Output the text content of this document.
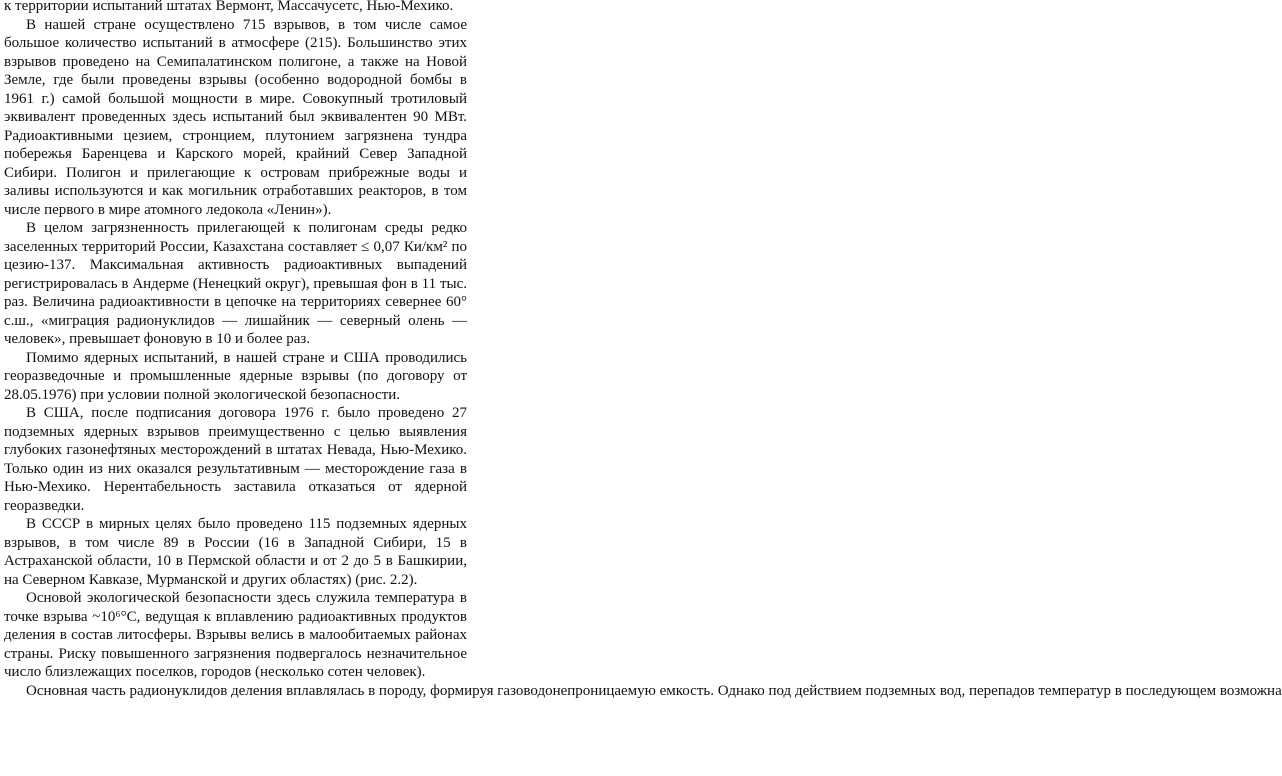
к территории испытаний штатах Вермонт, Массачусетс, Нью-Мехико.

В нашей стране осуществлено 715 взрывов, в том числе самое большое количество испытаний в атмосфере (215). Большинство этих взрывов проведено на Семипалатинском полигоне, а также на Новой Земле, где были проведены взрывы (особенно водородной бомбы в 1961 г.) самой большой мощности в мире. Совокупный тротиловый эквивалент проведенных здесь испытаний был эквивалентен 90 МВт. Радиоактивными цезием, стронцием, плутонием загрязнена тундра побережья Баренцева и Карского морей, крайний Север Западной Сибири. Полигон и прилегающие к островам прибрежные воды и заливы используются и как могильник отработавших реакторов, в том числе первого в мире атомного ледокола «Ленин»).

В целом загрязненность прилегающей к полигонам среды редко заселенных территорий России, Казахстана составляет ≤ 0,07 Ки/км² по цезию-137. Максимальная активность радиоактивных выпадений регистрировалась в Андерме (Ненецкий округ), превышая фон в 11 тыс. раз. Величина радиоактивности в цепочке на территориях севернее 60° с.ш., «миграция радионуклидов — лишайник — северный олень — человек», превышает фоновую в 10 и более раз.

Помимо ядерных испытаний, в нашей стране и США проводились георазведочные и промышленные ядерные взрывы (по договору от 28.05.1976) при условии полной экологической безопасности.

В США, после подписания договора 1976 г. было проведено 27 подземных ядерных взрывов преимущественно с целью выявления глубоких газонефтяных месторождений в штатах Невада, Нью-Мехико. Только один из них оказался результативным — месторождение газа в Нью-Мехико. Нерентабельность заставила отказаться от ядерной георазведки.

В СССР в мирных целях было проведено 115 подземных ядерных взрывов, в том числе 89 в России (16 в Западной Сибири, 15 в Астраханской области, 10 в Пермской области и от 2 до 5 в Башкирии, на Северном Кавказе, Мурманской и других областях) (рис. 2.2).

Основой экологической безопасности здесь служила температура в точке взрыва ~10⁶°С, ведущая к вплавлению радиоактивных продуктов деления в состав литосферы. Взрывы велись в малообитаемых районах страны. Риску повышенного загрязнения подвергалось незначительное число близлежащих поселков, городов (несколько сотен человек).

Основная часть радионуклидов деления вплавлялась в породу, формируя газоводонепроницаемую емкость. Однако под действием подземных вод, перепадов температур в последующем возможна
